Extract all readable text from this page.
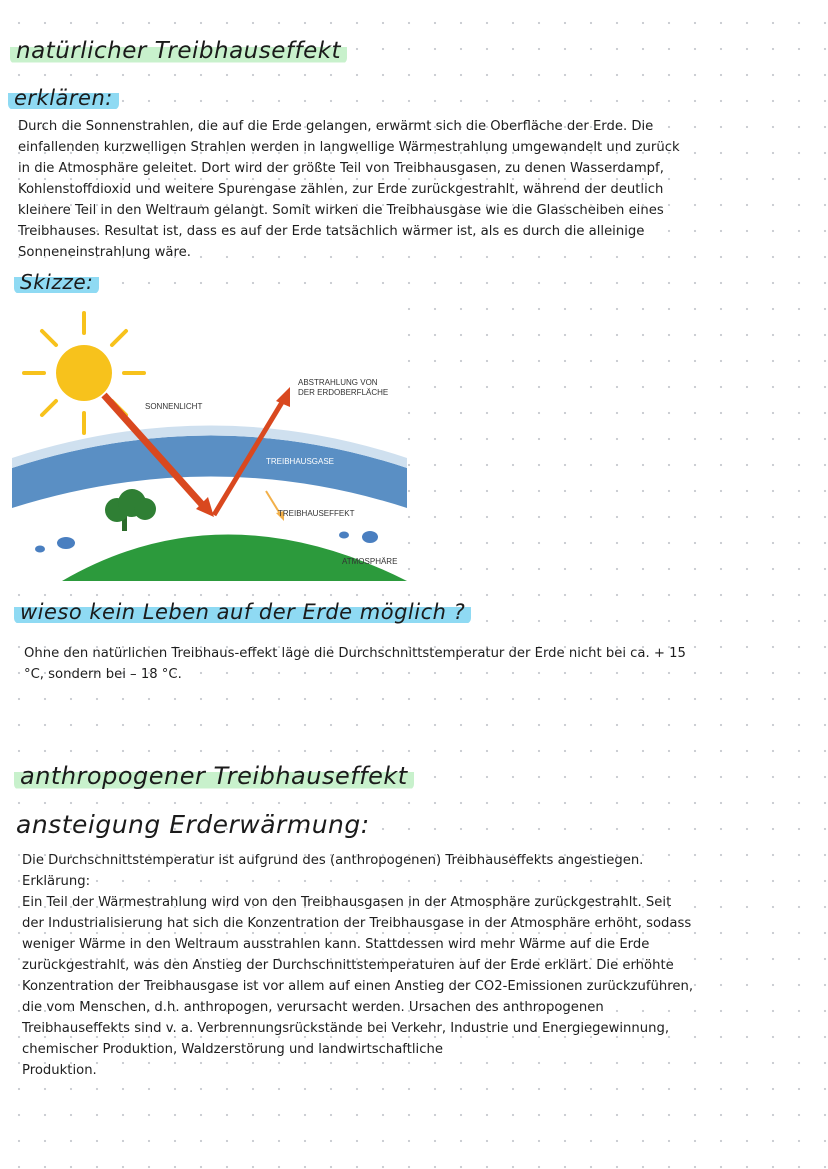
natürlicher Treibhauseffekt
erklären:

Durch die Sonnenstrahlen, die auf die Erde gelangen, erwärmt sich die Oberfläche der Erde. Die
einfallenden kurzwelligen Strahlen werden in langwellige Wärmestrahlung umgewandelt und zurück
in die Atmosphäre geleitet. Dort wird der größte Teil von Treibhausgasen, zu denen Wasserdampf,
Kohlenstoffdioxid und weitere Spurengase zählen, zur Erde zurückgestrahlt, während der deutlich
kleinere Teil in den Weltraum gelangt. Somit wirken die Treibhausgase wie die Glasscheiben eines
Treibhauses. Resultat ist, dass es auf der Erde tatsächlich wärmer ist, als es durch die alleinige
Sonneneinstrahlung wäre.

Skizze:
SONNENLICHT
ABSTRAHLUNG VON
DER ERDOBERFLÄCHE
TREIBHAUSGASE
TREIBHAUSEFFEKT
ATMOSPHÄRE
wieso kein Leben auf der Erde möglich ?

Ohne den natürlichen Treibhaus-effekt läge die Durchschnittstemperatur der Erde nicht bei ca. + 15
°C, sondern bei – 18 °C.

anthropogener Treibhauseffekt
ansteigung Erderwärmung:

Die Durchschnittstemperatur ist aufgrund des (anthropogenen) Treibhauseffekts angestiegen.
Erklärung:
Ein Teil der Wärmestrahlung wird von den Treibhausgasen in der Atmosphäre zurückgestrahlt. Seit
der Industrialisierung hat sich die Konzentration der Treibhausgase in der Atmosphäre erhöht, sodass
weniger Wärme in den Weltraum ausstrahlen kann. Stattdessen wird mehr Wärme auf die Erde
zurückgestrahlt, was den Anstieg der Durchschnittstemperaturen auf der Erde erklärt. Die erhöhte
Konzentration der Treibhausgase ist vor allem auf einen Anstieg der CO2-Emissionen zurückzuführen,
die vom Menschen, d.h. anthropogen, verursacht werden. Ursachen des anthropogenen
Treibhauseffekts sind v. a. Verbrennungsrückstände bei Verkehr, Industrie und Energiegewinnung,
chemischer Produktion, Waldzerstörung und landwirtschaftliche
Produktion.
